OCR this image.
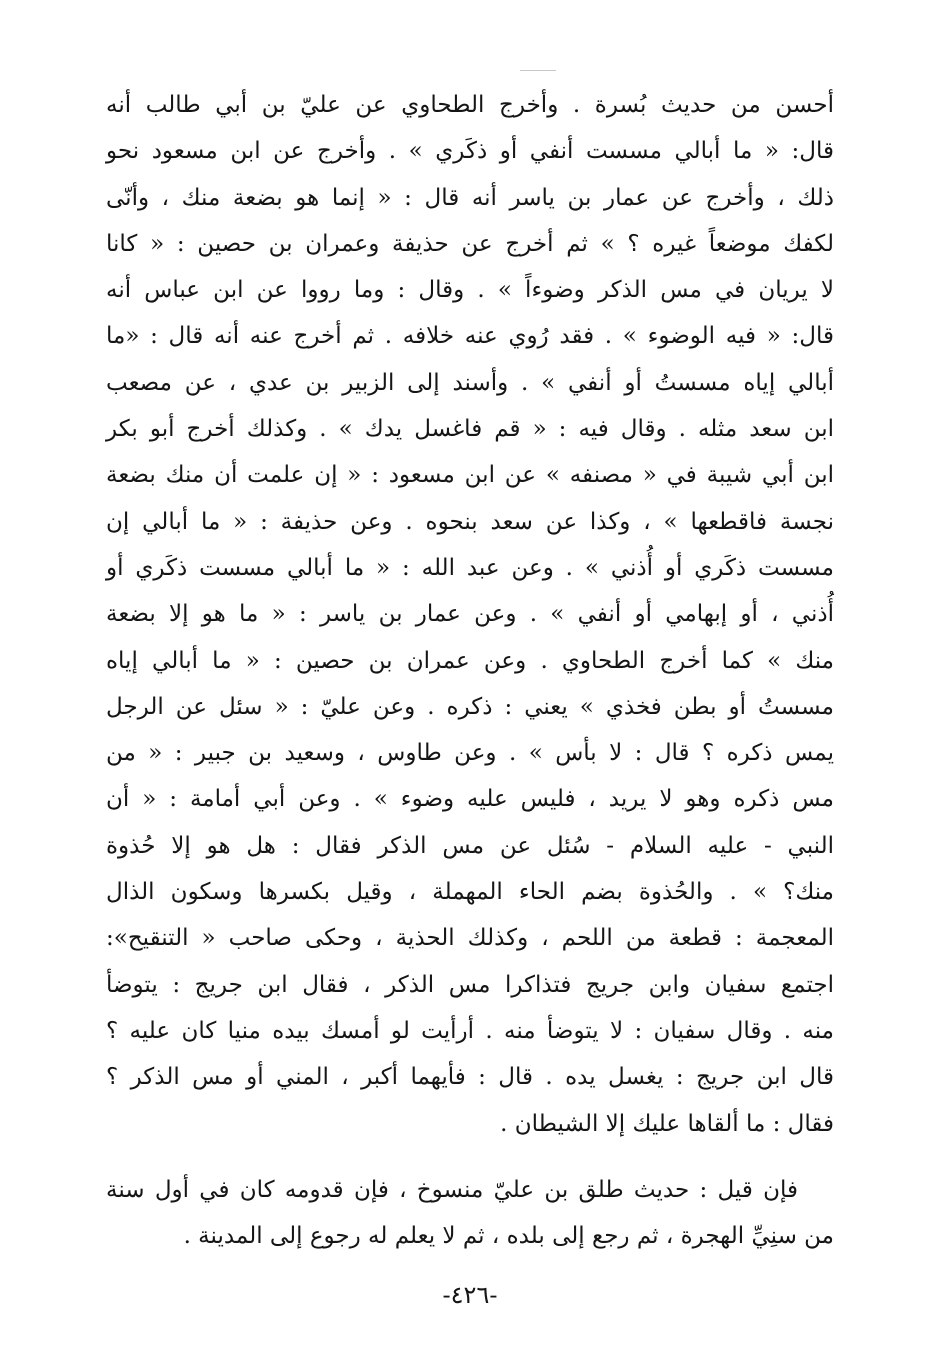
أحسن من حديث بُسرة . وأخرج الطحاوي عن عليّ بن أبي طالب أنه
قال: « ما أبالي مسست أنفي أو ذكَري » . وأخرج عن ابن مسعود نحو
ذلك ، وأخرج عن عمار بن ياسر أنه قال : « إنما هو بضعة منك ، وأنّى
لكفك موضعاً غيره ؟ » ثم أخرج عن حذيفة وعمران بن حصين : « كانا
لا يريان في مس الذكر وضوءاً » . وقال : وما رووا عن ابن عباس أنه
قال: « فيه الوضوء » . فقد رُوي عنه خلافه . ثم أخرج عنه أنه قال : «ما
أبالي إياه مسستُ أو أنفي » . وأسند إلى الزبير بن عدي ، عن مصعب
ابن سعد مثله . وقال فيه : « قم فاغسل يدك » . وكذلك أخرج أبو بكر
ابن أبي شيبة في « مصنفه » عن ابن مسعود : « إن علمت أن منك بضعة
نجسة فاقطعها » ، وكذا عن سعد بنحوه . وعن حذيفة : « ما أبالي إن
مسست ذكَري أو أُذني » . وعن عبد الله : « ما أبالي مسست ذكَري أو
أُذني ، أو إبهامي أو أنفي » . وعن عمار بن ياسر : « ما هو إلا بضعة
منك » كما أخرج الطحاوي . وعن عمران بن حصين : « ما أبالي إياه
مسستُ أو بطن فخذي » يعني : ذكره . وعن عليّ : « سئل عن الرجل
يمس ذكره ؟ قال : لا بأس » . وعن طاوس ، وسعيد بن جبير : « من
مس ذكره وهو لا يريد ، فليس عليه وضوء » . وعن أبي أمامة : « أن
النبي - عليه السلام - سُئل عن مس الذكر فقال : هل هو إلا حُذوة
منك؟ » . والحُذوة بضم الحاء المهملة ، وقيل بكسرها وسكون الذال
المعجمة : قطعة من اللحم ، وكذلك الحذية ، وحكى صاحب « التنقيح»:
اجتمع سفيان وابن جريج فتذاكرا مس الذكر ، فقال ابن جريج : يتوضأ
منه . وقال سفيان : لا يتوضأ منه . أرأيت لو أمسك بيده منيا كان عليه ؟
قال ابن جريج : يغسل يده . قال : فأيهما أكبر ، المني أو مس الذكر ؟
فقال : ما ألقاها عليك إلا الشيطان .
فإن قيل : حديث طلق بن عليّ منسوخ ، فإن قدومه كان في أول سنة
من سنِيِّ الهجرة ، ثم رجع إلى بلده ، ثم لا يعلم له رجوع إلى المدينة .
-٤٢٦-
